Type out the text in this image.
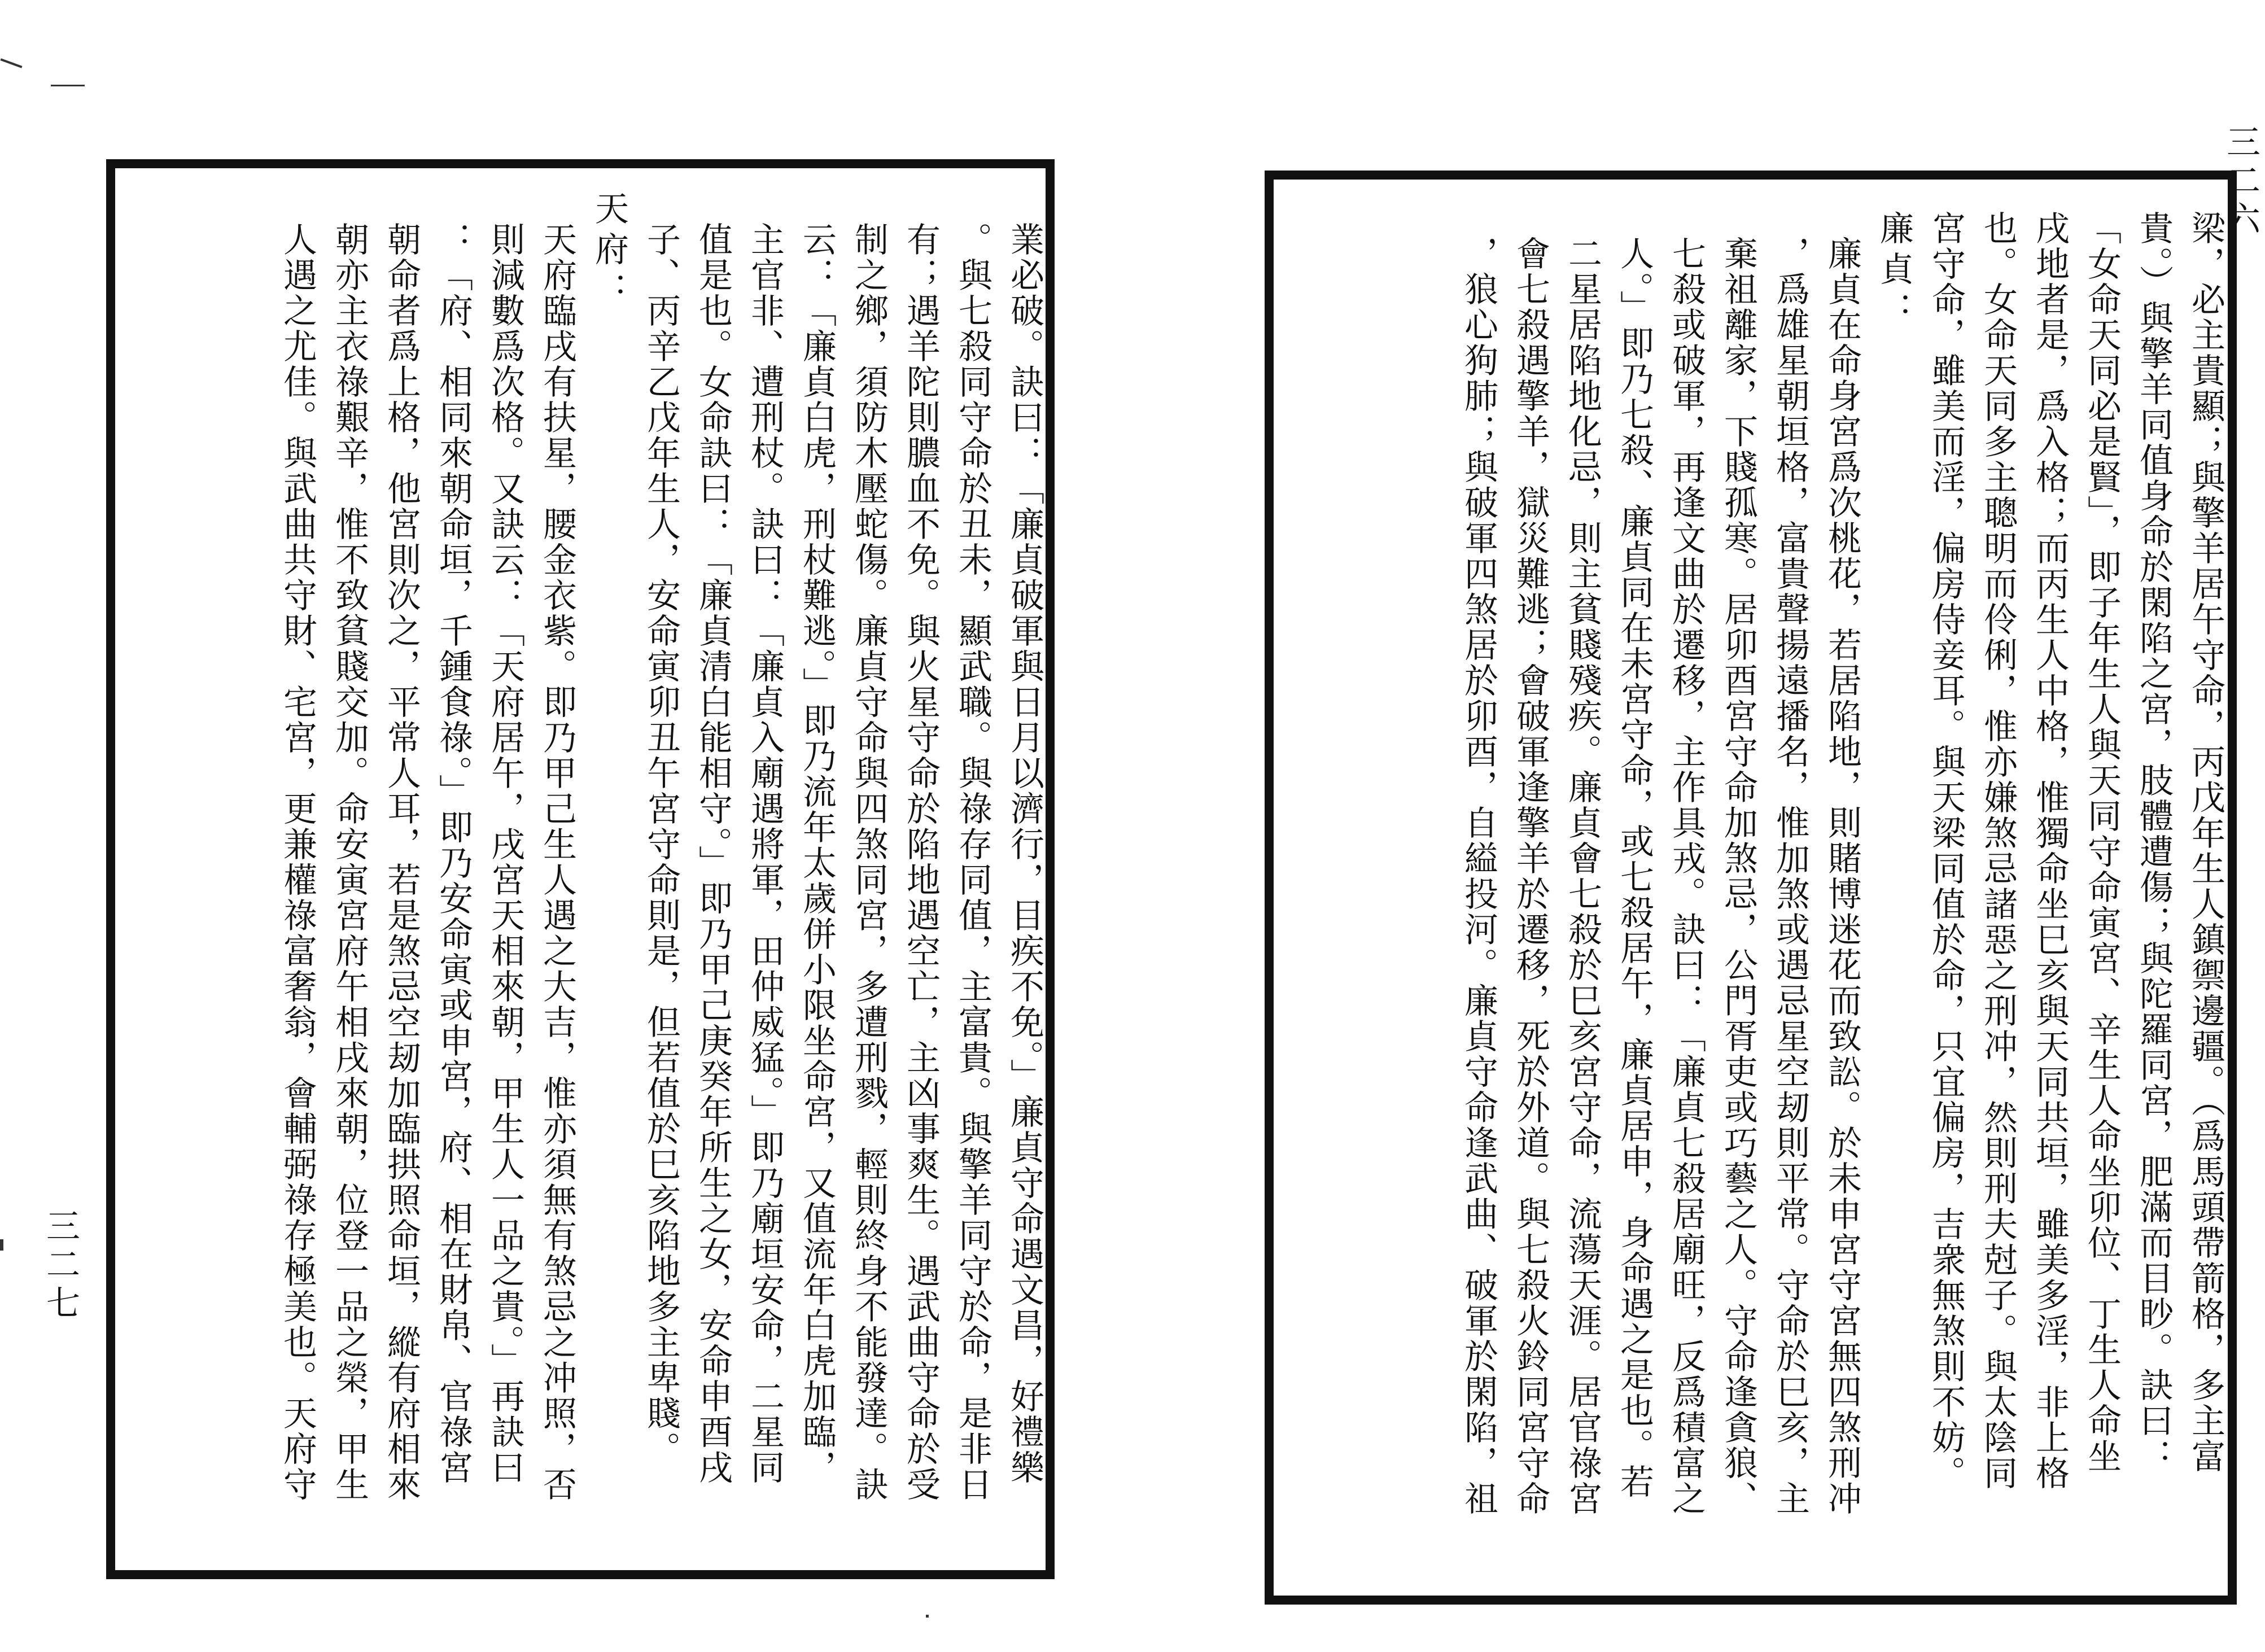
業必破。訣曰：「廉貞破軍與日月以濟行，目疾不免。」廉貞守命遇文昌，好禮樂
。與七殺同守命於丑未，顯武職。與祿存同值，主富貴。與擎羊同守於命，是非日
有；遇羊陀則膿血不免。與火星守命於陷地遇空亡，主凶事爽生。遇武曲守命於受
制之鄉，須防木壓蛇傷。廉貞守命與四煞同宮，多遭刑戮，輕則終身不能發達。訣
云：「廉貞白虎，刑杖難逃。」即乃流年太歲併小限坐命宮，又值流年白虎加臨，
主官非、遭刑杖。訣曰：「廉貞入廟遇將軍，田仲威猛。」即乃廟垣安命，二星同
值是也。女命訣曰：「廉貞清白能相守。」即乃甲己庚癸年所生之女，安命申酉戌
子、丙辛乙戊年生人，安命寅卯丑午宮守命則是，但若值於巳亥陷地多主卑賤。
天府：
天府臨戌有扶星，腰金衣紫。即乃甲己生人遇之大吉，惟亦須無有煞忌之冲照，否
則減數爲次格。又訣云：「天府居午，戌宮天相來朝，甲生人一品之貴。」再訣曰
：「府、相同來朝命垣，千鍾食祿。」即乃安命寅或申宮，府、相在財帛、官祿宮
朝命者爲上格，他宮則次之，平常人耳，若是煞忌空刼加臨拱照命垣，縱有府相來
朝亦主衣祿艱辛，惟不致貧賤交加。命安寅宮府午相戌來朝，位登一品之榮，甲生
人遇之尤佳。與武曲共守財、宅宮，更兼權祿富奢翁，會輔弼祿存極美也。天府守
三二七	梁，必主貴顯；與擎羊居午守命，丙戊年生人鎮禦邊疆。（爲馬頭帶箭格，多主富
貴。）與擎羊同值身命於閑陷之宮，肢體遭傷；與陀羅同宮，肥滿而目眇。訣曰：
「女命天同必是賢」，即子年生人與天同守命寅宮、辛生人命坐卯位、丁生人命坐
戌地者是，爲入格；而丙生人中格，惟獨命坐巳亥與天同共垣，雖美多淫，非上格
也。女命天同多主聰明而伶俐，惟亦嫌煞忌諸惡之刑冲，然則刑夫尅子。與太陰同
宮守命，雖美而淫，偏房侍妾耳。與天梁同值於命，只宜偏房，吉衆無煞則不妨。
廉貞：
廉貞在命身宮爲次桃花，若居陷地，則賭博迷花而致訟。於未申宮守宮無四煞刑冲
，爲雄星朝垣格，富貴聲揚遠播名，惟加煞或遇忌星空刼則平常。守命於巳亥，主
棄祖離家，下賤孤寒。居卯酉宮守命加煞忌，公門胥吏或巧藝之人。守命逢貪狼、
七殺或破軍，再逢文曲於遷移，主作具戎。訣曰：「廉貞七殺居廟旺，反爲積富之
人。」即乃七殺、廉貞同在未宮守命，或七殺居午，廉貞居申，身命遇之是也。若
二星居陷地化忌，則主貧賤殘疾。廉貞會七殺於巳亥宮守命，流蕩天涯。居官祿宮
會七殺遇擎羊，獄災難逃；會破軍逢擎羊於遷移，死於外道。與七殺火鈴同宮守命
，狼心狗肺；與破軍四煞居於卯酉，自縊投河。廉貞守命逢武曲、破軍於閑陷，祖
三二六
